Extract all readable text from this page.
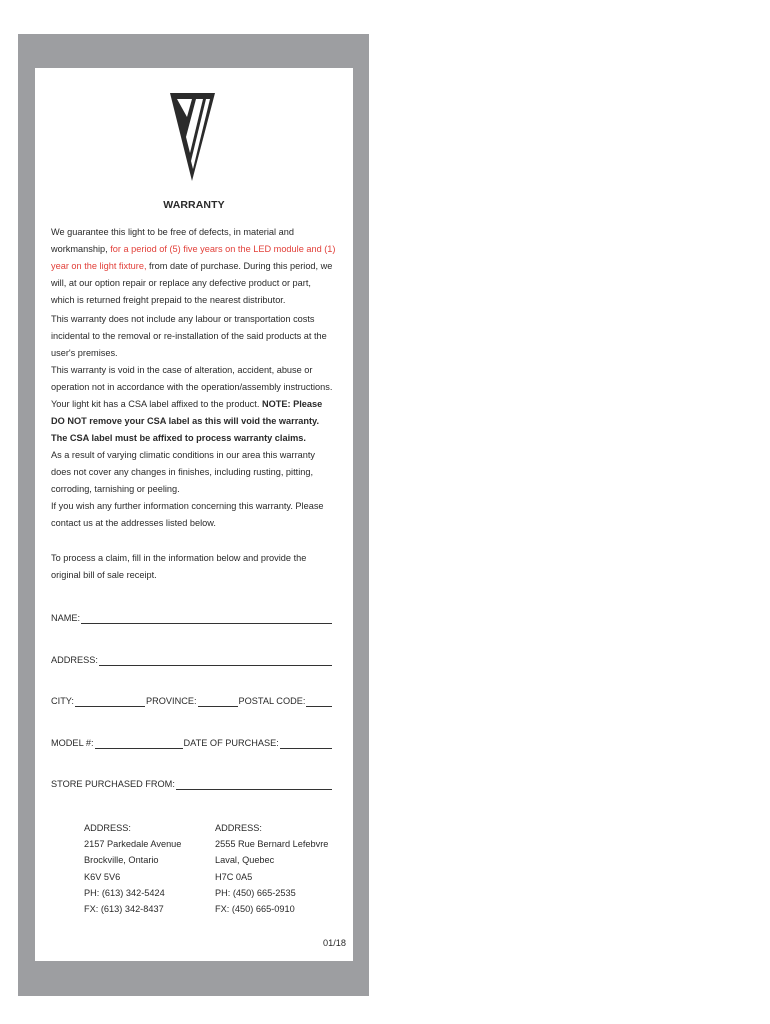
WARRANTY

We guarantee this light to be free of defects, in material and workmanship, for a period of (5) five years on the LED module and (1) year on the light fixture, from date of purchase. During this period, we will, at our option repair or replace any defective product or part, which is returned freight prepaid to the nearest distributor.

This warranty does not include any labour or transportation costs incidental to the removal or re-installation of the said products at the user's premises.

This warranty is void in the case of alteration, accident, abuse or operation not in accordance with the operation/assembly instructions. Your light kit has a CSA label affixed to the product. NOTE: Please DO NOT remove your CSA label as this will void the warranty. The CSA label must be affixed to process warranty claims.

As a result of varying climatic conditions in our area this warranty does not cover any changes in finishes, including rusting, pitting, corroding, tarnishing or peeling.

If you wish any further information concerning this warranty. Please contact us at the addresses listed below.

To process a claim, fill in the information below and provide the original bill of sale receipt.

NAME:
ADDRESS:
CITY:	PROVINCE:	POSTAL CODE:
MODEL #:	DATE OF PURCHASE:
STORE PURCHASED FROM:
ADDRESS:
2157 Parkedale Avenue
Brockville, Ontario
K6V 5V6
PH: (613) 342-5424
FX: (613) 342-8437
ADDRESS:
2555 Rue Bernard Lefebvre
Laval, Quebec
H7C 0A5
PH: (450) 665-2535
FX: (450) 665-0910
01/18
